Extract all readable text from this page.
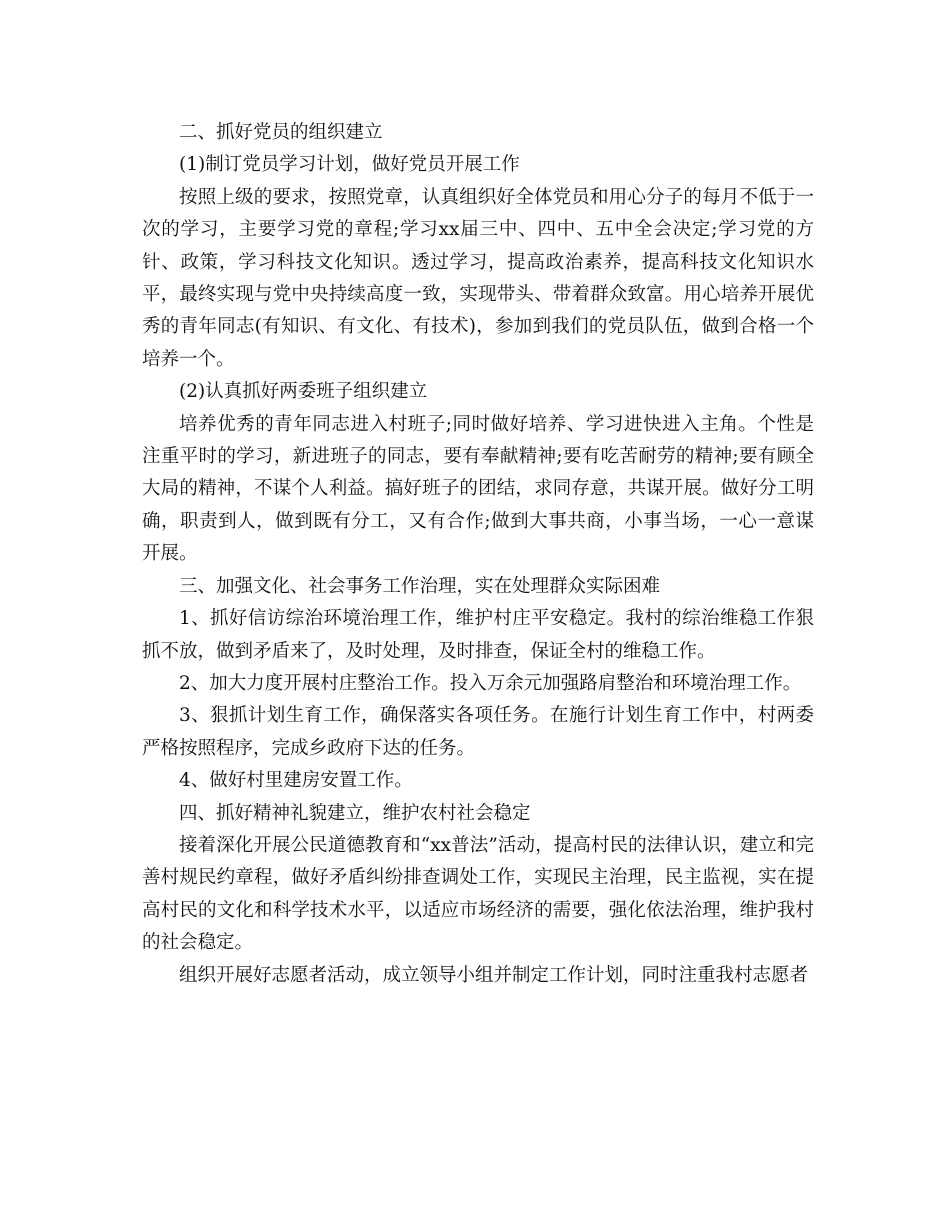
二、抓好党员的组织建立

(1)制订党员学习计划，做好党员开展工作

按照上级的要求，按照党章，认真组织好全体党员和用心分子的每月不低于一次的学习，主要学习党的章程;学习xx届三中、四中、五中全会决定;学习党的方针、政策，学习科技文化知识。透过学习，提高政治素养，提高科技文化知识水平，最终实现与党中央持续高度一致，实现带头、带着群众致富。用心培养开展优秀的青年同志(有知识、有文化、有技术)，参加到我们的党员队伍，做到合格一个培养一个。

(2)认真抓好两委班子组织建立

培养优秀的青年同志进入村班子;同时做好培养、学习进快进入主角。个性是注重平时的学习，新进班子的同志，要有奉献精神;要有吃苦耐劳的精神;要有顾全大局的精神，不谋个人利益。搞好班子的团结，求同存意，共谋开展。做好分工明确，职责到人，做到既有分工，又有合作;做到大事共商，小事当场，一心一意谋开展。

三、加强文化、社会事务工作治理，实在处理群众实际困难

1、抓好信访综治环境治理工作，维护村庄平安稳定。我村的综治维稳工作狠抓不放，做到矛盾来了，及时处理，及时排查，保证全村的维稳工作。

2、加大力度开展村庄整治工作。投入万余元加强路肩整治和环境治理工作。

3、狠抓计划生育工作，确保落实各项任务。在施行计划生育工作中，村两委严格按照程序，完成乡政府下达的任务。

4、做好村里建房安置工作。

四、抓好精神礼貌建立，维护农村社会稳定

接着深化开展公民道德教育和“xx普法”活动，提高村民的法律认识，建立和完善村规民约章程，做好矛盾纠纷排查调处工作，实现民主治理，民主监视，实在提高村民的文化和科学技术水平，以适应市场经济的需要，强化依法治理，维护我村的社会稳定。

组织开展好志愿者活动，成立领导小组并制定工作计划，同时注重我村志愿者
